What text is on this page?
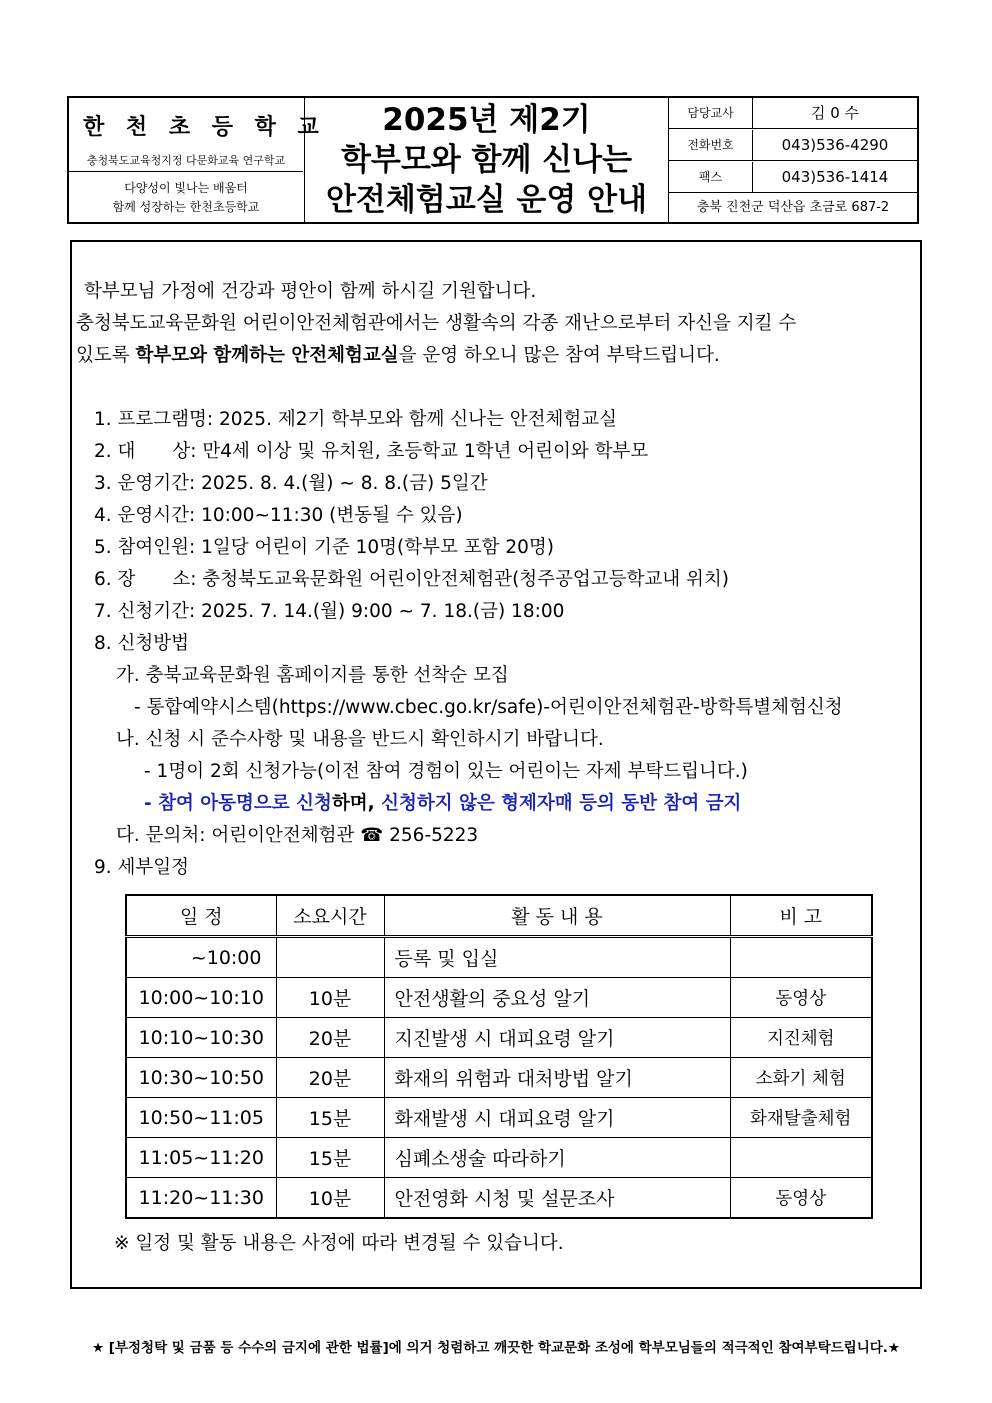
한 천 초 등 학 교
충청북도교육청지정 다문화교육 연구학교
다양성이 빛나는 배움터
함께 성장하는 한천초등학교
2025년 제2기
학부모와 함께 신나는
안전체험교실 운영 안내
담당교사	김 0 수
전화번호	043)536-4290
팩스	043)536-1414
충북 진천군 덕산읍 초금로 687-2
학부모님 가정에 건강과 평안이 함께 하시길 기원합니다.
충청북도교육문화원 어린이안전체험관에서는 생활속의 각종 재난으로부터 자신을 지킬 수
있도록 학부모와 함께하는 안전체험교실을 운영 하오니 많은 참여 부탁드립니다.
1. 프로그램명: 2025. 제2기 학부모와 함께 신나는 안전체험교실
2. 대　　상: 만4세 이상 및 유치원, 초등학교 1학년 어린이와 학부모
3. 운영기간: 2025. 8. 4.(월) ~ 8. 8.(금) 5일간
4. 운영시간: 10:00~11:30 (변동될 수 있음)
5. 참여인원: 1일당 어린이 기준 10명(학부모 포함 20명)
6. 장　　소: 충청북도교육문화원 어린이안전체험관(청주공업고등학교내 위치)
7. 신청기간: 2025. 7. 14.(월) 9:00 ~ 7. 18.(금) 18:00
8. 신청방법
가. 충북교육문화원 홈페이지를 통한 선착순 모집
- 통합예약시스템(https://www.cbec.go.kr/safe)-어린이안전체험관-방학특별체험신청
나. 신청 시 준수사항 및 내용을 반드시 확인하시기 바랍니다.
- 1명이 2회 신청가능(이전 참여 경험이 있는 어린이는 자제 부탁드립니다.)
- 참여 아동명으로 신청하며, 신청하지 않은 형제자매 등의 동반 참여 금지
다. 문의처: 어린이안전체험관 ☎ 256-5223
9. 세부일정
일 정	소요시간	활 동 내 용	비 고
~10:00		등록 및 입실	
10:00~10:10	10분	안전생활의 중요성 알기	동영상
10:10~10:30	20분	지진발생 시 대피요령 알기	지진체험
10:30~10:50	20분	화재의 위험과 대처방법 알기	소화기 체험
10:50~11:05	15분	화재발생 시 대피요령 알기	화재탈출체험
11:05~11:20	15분	심폐소생술 따라하기	
11:20~11:30	10분	안전영화 시청 및 설문조사	동영상
※ 일정 및 활동 내용은 사정에 따라 변경될 수 있습니다.
★ [부정청탁 및 금품 등 수수의 금지에 관한 법률]에 의거 청렴하고 깨끗한 학교문화 조성에 학부모님들의 적극적인 참여부탁드립니다.★
